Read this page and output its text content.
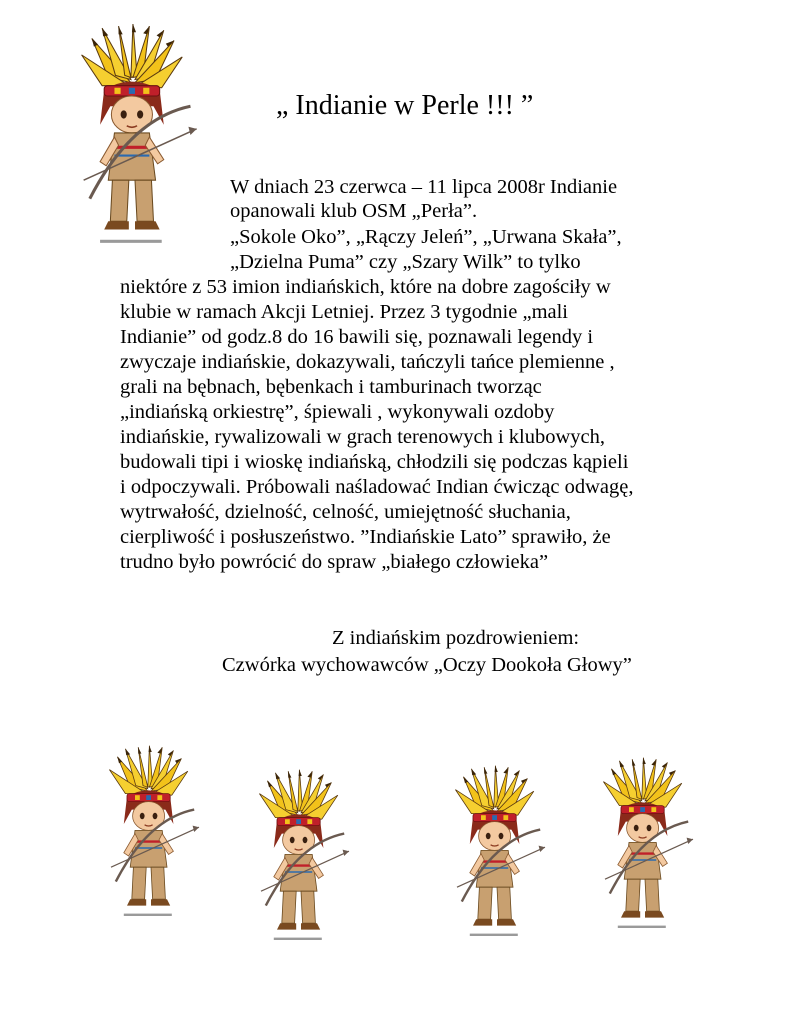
„ Indianie w Perle !!! ”
W dniach 23 czerwca – 11 lipca 2008r Indianie
opanowali klub OSM „Perła”.
„Sokole Oko”, „Rączy Jeleń”, „Urwana Skała”,
„Dzielna Puma” czy „Szary Wilk” to tylko
niektóre z 53 imion indiańskich, które na dobre zagościły w
klubie w ramach Akcji Letniej. Przez 3 tygodnie „mali
Indianie” od godz.8 do 16 bawili się, poznawali legendy i
zwyczaje indiańskie, dokazywali, tańczyli tańce plemienne ,
grali na bębnach, bębenkach i tamburinach tworząc
„indiańską orkiestrę”, śpiewali , wykonywali ozdoby
indiańskie, rywalizowali w grach terenowych i klubowych,
budowali tipi i wioskę indiańską, chłodzili się podczas kąpieli
i odpoczywali. Próbowali naśladować Indian ćwicząc odwagę,
wytrwałość, dzielność, celność, umiejętność słuchania,
cierpliwość i posłuszeństwo. ”Indiańskie Lato” sprawiło, że
trudno było powrócić do spraw „białego człowieka”
Z indiańskim pozdrowieniem:
Czwórka wychowawców „Oczy Dookoła Głowy”
